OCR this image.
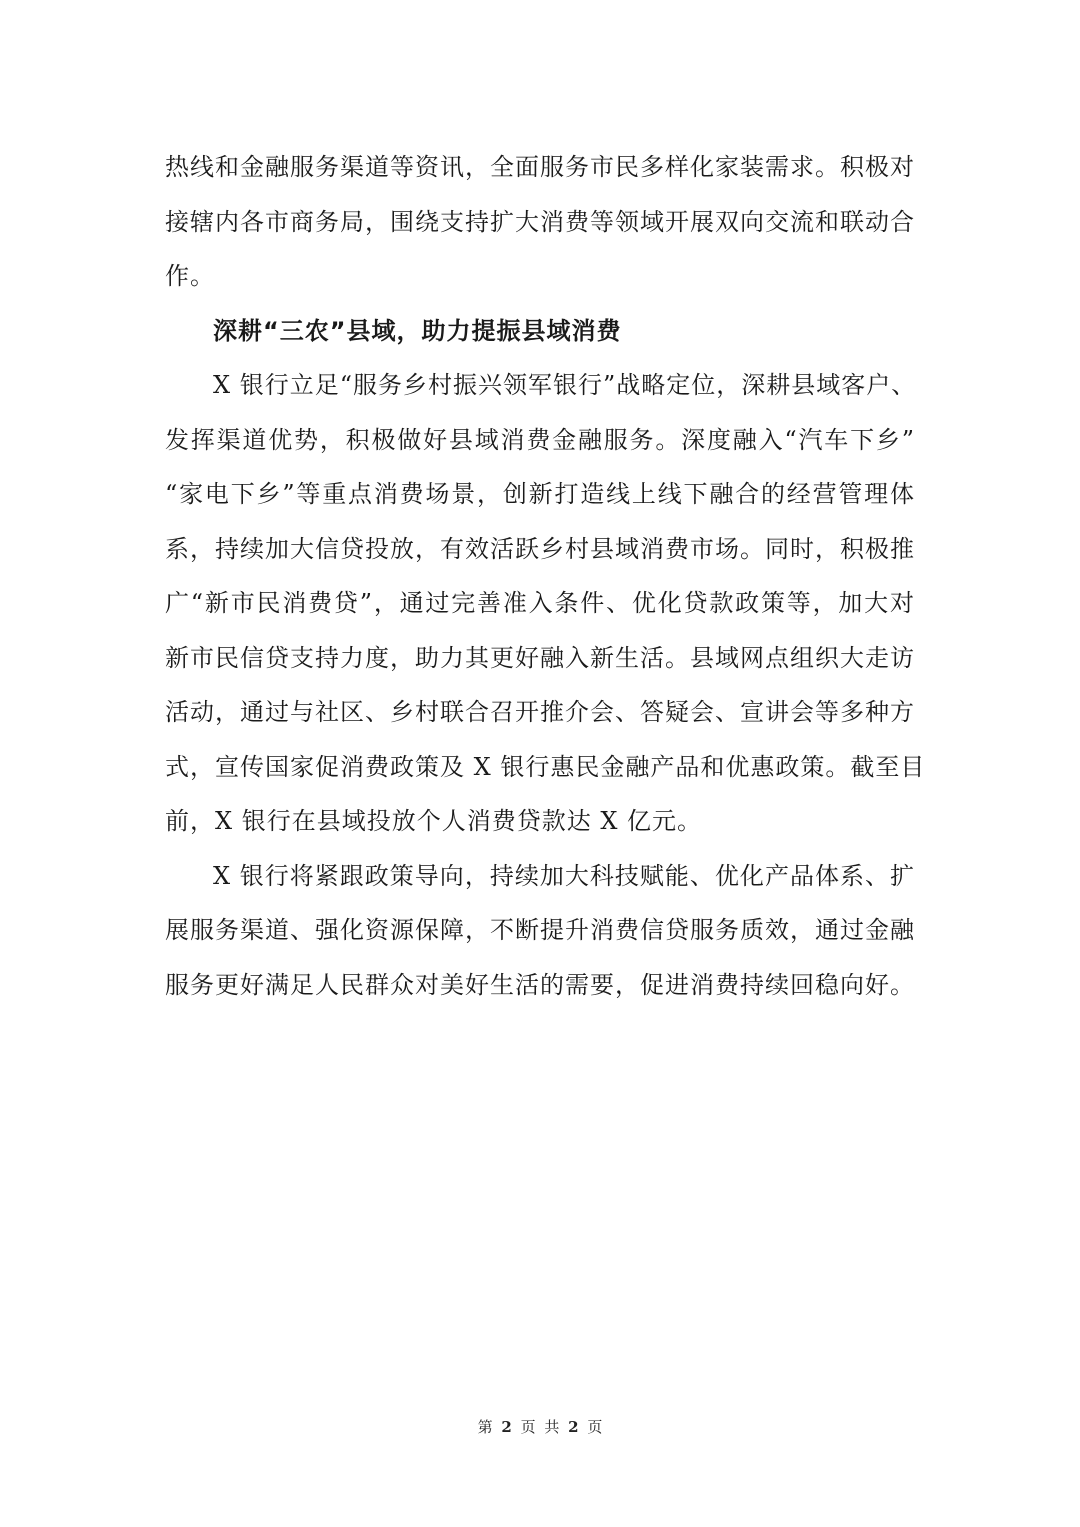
热线和金融服务渠道等资讯，全面服务市民多样化家装需求。积极对
接辖内各市商务局，围绕支持扩大消费等领域开展双向交流和联动合
作。
深耕“三农”县域，助力提振县域消费
X 银行立足“服务乡村振兴领军银行”战略定位，深耕县域客户、
发挥渠道优势，积极做好县域消费金融服务。深度融入“汽车下乡”
“家电下乡”等重点消费场景，创新打造线上线下融合的经营管理体
系，持续加大信贷投放，有效活跃乡村县域消费市场。同时，积极推
广“新市民消费贷”，通过完善准入条件、优化贷款政策等，加大对
新市民信贷支持力度，助力其更好融入新生活。县域网点组织大走访
活动，通过与社区、乡村联合召开推介会、答疑会、宣讲会等多种方
式，宣传国家促消费政策及 X 银行惠民金融产品和优惠政策。截至目
前，X 银行在县域投放个人消费贷款达 X 亿元。
X 银行将紧跟政策导向，持续加大科技赋能、优化产品体系、扩
展服务渠道、强化资源保障，不断提升消费信贷服务质效，通过金融
服务更好满足人民群众对美好生活的需要，促进消费持续回稳向好。
第 2 页 共 2 页
